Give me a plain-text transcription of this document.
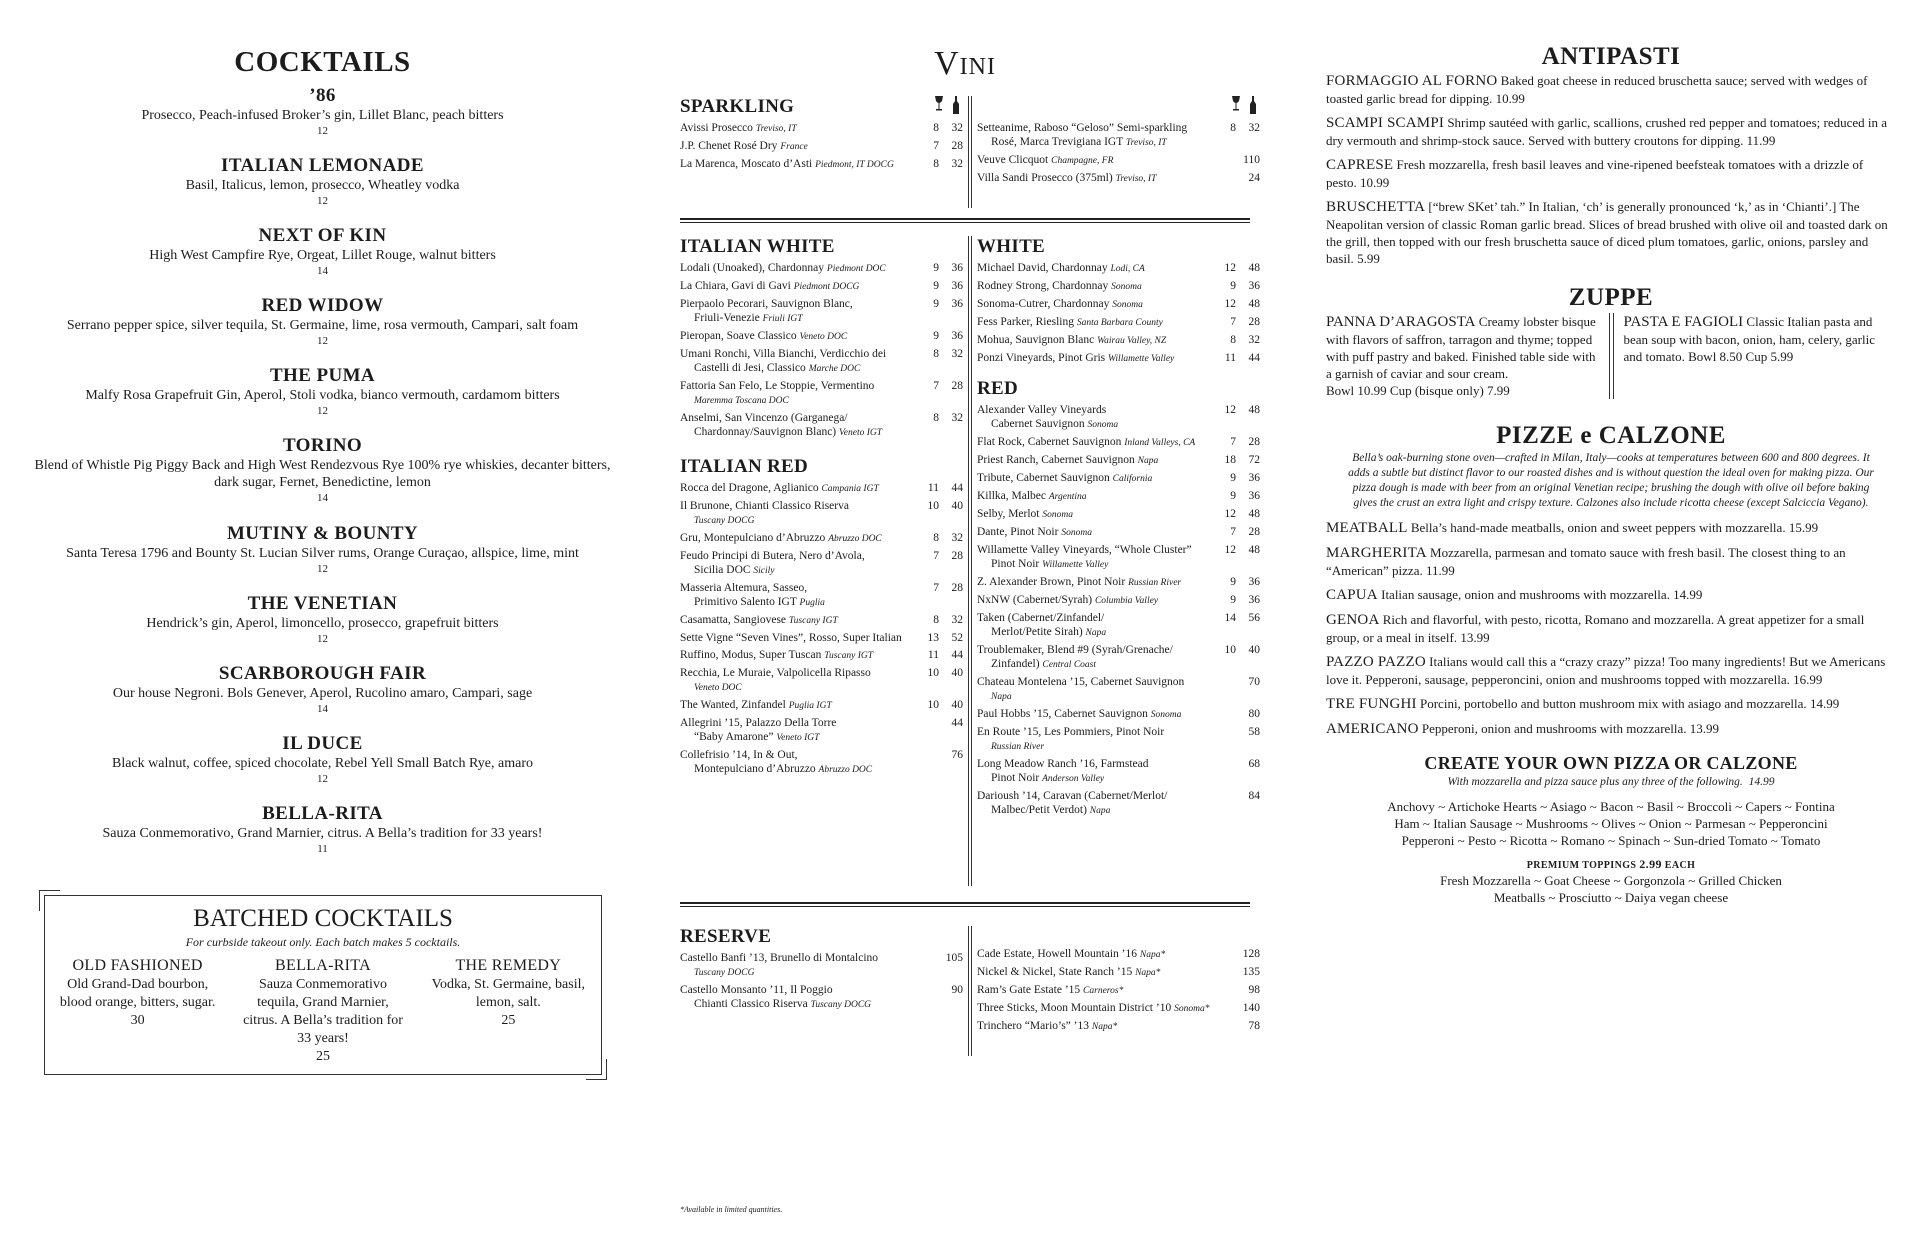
COCKTAILS
’86
Prosecco, Peach-infused Broker’s gin, Lillet Blanc, peach bitters
12
ITALIAN LEMONADE
Basil, Italicus, lemon, prosecco, Wheatley vodka
12
NEXT OF KIN
High West Campfire Rye, Orgeat, Lillet Rouge, walnut bitters
14
RED WIDOW
Serrano pepper spice, silver tequila, St. Germaine, lime, rosa vermouth, Campari, salt foam
12
THE PUMA
Malfy Rosa Grapefruit Gin, Aperol, Stoli vodka, bianco vermouth, cardamom bitters
12
TORINO
Blend of Whistle Pig Piggy Back and High West Rendezvous Rye 100% rye whiskies, decanter bitters, dark sugar, Fernet, Benedictine, lemon
14
MUTINY & BOUNTY
Santa Teresa 1796 and Bounty St. Lucian Silver rums, Orange Curaçao, allspice, lime, mint
12
THE VENETIAN
Hendrick’s gin, Aperol, limoncello, prosecco, grapefruit bitters
12
SCARBOROUGH FAIR
Our house Negroni. Bols Genever, Aperol, Rucolino amaro, Campari, sage
14
IL DUCE
Black walnut, coffee, spiced chocolate, Rebel Yell Small Batch Rye, amaro
12
BELLA-RITA
Sauza Conmemorativo, Grand Marnier, citrus. A Bella’s tradition for 33 years!
11
BATCHED COCKTAILS
For curbside takeout only. Each batch makes 5 cocktails.
OLD FASHIONED
Old Grand-Dad bourbon, blood orange, bitters, sugar.
30
BELLA-RITA
Sauza Conmemorativo tequila, Grand Marnier, citrus. A Bella’s tradition for 33 years!
25
THE REMEDY
Vodka, St. Germaine, basil, lemon, salt.
25
Vini
SPARKLING
Avissi Prosecco Treviso, IT	8	32
J.P. Chenet Rosé Dry France	7	28
La Marenca, Moscato d’Asti Piedmont, IT DOCG	8	32
Setteanime, Raboso “Geloso” Semi-sparkling
Rosé, Marca Trevigiana IGT Treviso, IT
8	32
Veuve Clicquot Champagne, FR	110
Villa Sandi Prosecco (375ml) Treviso, IT	24
ITALIAN WHITE
Lodali (Unoaked), Chardonnay Piedmont DOC	9	36
La Chiara, Gavi di Gavi Piedmont DOCG	9	36
Pierpaolo Pecorari, Sauvignon Blanc,
Friuli-Venezie Friuli IGT
9	36
Pieropan, Soave Classico Veneto DOC	9	36
Umani Ronchi, Villa Bianchi, Verdicchio dei
Castelli di Jesi, Classico Marche DOC
8	32
Fattoria San Felo, Le Stoppie, Vermentino
Maremma Toscana DOC
7	28
Anselmi, San Vincenzo (Garganega/
Chardonnay/Sauvignon Blanc) Veneto IGT
8	32
ITALIAN RED
Rocca del Dragone, Aglianico Campania IGT	11	44
Il Brunone, Chianti Classico Riserva
Tuscany DOCG
10	40
Gru, Montepulciano d’Abruzzo Abruzzo DOC	8	32
Feudo Principi di Butera, Nero d’Avola,
Sicilia DOC Sicily
7	28
Masseria Altemura, Sasseo,
Primitivo Salento IGT Puglia
7	28
Casamatta, Sangiovese Tuscany IGT	8	32
Sette Vigne “Seven Vines”, Rosso, Super Italian	13	52
Ruffino, Modus, Super Tuscan Tuscany IGT	11	44
Recchia, Le Muraie, Valpolicella Ripasso
Veneto DOC
10	40
The Wanted, Zinfandel Puglia IGT	10	40
Allegrini ’15, Palazzo Della Torre
“Baby Amarone” Veneto IGT
44
Collefrisio ’14, In & Out,
Montepulciano d’Abruzzo Abruzzo DOC
76
WHITE
Michael David, Chardonnay Lodi, CA	12	48
Rodney Strong, Chardonnay Sonoma	9	36
Sonoma-Cutrer, Chardonnay Sonoma	12	48
Fess Parker, Riesling Santa Barbara County	7	28
Mohua, Sauvignon Blanc Wairau Valley, NZ	8	32
Ponzi Vineyards, Pinot Gris Willamette Valley	11	44
RED
Alexander Valley Vineyards
Cabernet Sauvignon Sonoma
12	48
Flat Rock, Cabernet Sauvignon Inland Valleys, CA	7	28
Priest Ranch, Cabernet Sauvignon Napa	18	72
Tribute, Cabernet Sauvignon California	9	36
Killka, Malbec Argentina	9	36
Selby, Merlot Sonoma	12	48
Dante, Pinot Noir Sonoma	7	28
Willamette Valley Vineyards, “Whole Cluster”
Pinot Noir Willamette Valley
12	48
Z. Alexander Brown, Pinot Noir Russian River	9	36
NxNW (Cabernet/Syrah) Columbia Valley	9	36
Taken (Cabernet/Zinfandel/
Merlot/Petite Sirah) Napa
14	56
Troublemaker, Blend #9 (Syrah/Grenache/
Zinfandel) Central Coast
10	40
Chateau Montelena ’15, Cabernet Sauvignon
Napa
70
Paul Hobbs ’15, Cabernet Sauvignon Sonoma	80
En Route ’15, Les Pommiers, Pinot Noir
Russian River
58
Long Meadow Ranch ’16, Farmstead
Pinot Noir Anderson Valley
68
Darioush ’14, Caravan (Cabernet/Merlot/
Malbec/Petit Verdot) Napa
84
RESERVE
Castello Banfi ’13, Brunello di Montalcino
Tuscany DOCG
105
Castello Monsanto ’11, Il Poggio
Chianti Classico Riserva Tuscany DOCG
90
Cade Estate, Howell Mountain ’16 Napa*	128
Nickel & Nickel, State Ranch ’15 Napa*	135
Ram’s Gate Estate ’15 Carneros*	98
Three Sticks, Moon Mountain District ’10 Sonoma*	140
Trinchero “Mario’s” ’13 Napa*	78
*Available in limited quantities.
ANTIPASTI
FORMAGGIO AL FORNO Baked goat cheese in reduced bruschetta sauce; served with wedges of toasted garlic bread for dipping. 10.99
SCAMPI SCAMPI Shrimp sautéed with garlic, scallions, crushed red pepper and tomatoes; reduced in a dry vermouth and shrimp-stock sauce. Served with buttery croutons for dipping. 11.99
CAPRESE Fresh mozzarella, fresh basil leaves and vine-ripened beefsteak tomatoes with a drizzle of pesto. 10.99
BRUSCHETTA [“brew SKet’ tah.” In Italian, ‘ch’ is generally pronounced ‘k,’ as in ‘Chianti’.] The Neapolitan version of classic Roman garlic bread. Slices of bread brushed with olive oil and toasted dark on the grill, then topped with our fresh bruschetta sauce of diced plum tomatoes, garlic, onions, parsley and basil. 5.99
ZUPPE
PANNA D’ARAGOSTA Creamy lobster bisque with flavors of saffron, tarragon and thyme; topped with puff pastry and baked. Finished table side with a garnish of caviar and sour cream.
Bowl 10.99 Cup (bisque only) 7.99
PASTA E FAGIOLI Classic Italian pasta and bean soup with bacon, onion, ham, celery, garlic and tomato. Bowl 8.50 Cup 5.99
PIZZE e CALZONE
Bella’s oak-burning stone oven—crafted in Milan, Italy—cooks at temperatures between 600 and 800 degrees. It adds a subtle but distinct flavor to our roasted dishes and is without question the ideal oven for making pizza. Our pizza dough is made with beer from an original Venetian recipe; brushing the dough with olive oil before baking gives the crust an extra light and crispy texture. Calzones also include ricotta cheese (except Salciccia Vegano).
MEATBALL Bella’s hand-made meatballs, onion and sweet peppers with mozzarella. 15.99
MARGHERITA Mozzarella, parmesan and tomato sauce with fresh basil. The closest thing to an “American” pizza. 11.99
CAPUA Italian sausage, onion and mushrooms with mozzarella. 14.99
GENOA Rich and flavorful, with pesto, ricotta, Romano and mozzarella. A great appetizer for a small group, or a meal in itself. 13.99
PAZZO PAZZO Italians would call this a “crazy crazy” pizza! Too many ingredients! But we Americans love it. Pepperoni, sausage, pepperoncini, onion and mushrooms topped with mozzarella. 16.99
TRE FUNGHI Porcini, portobello and button mushroom mix with asiago and mozzarella. 14.99
AMERICANO Pepperoni, onion and mushrooms with mozzarella. 13.99
CREATE YOUR OWN PIZZA OR CALZONE
With mozzarella and pizza sauce plus any three of the following. 14.99
Anchovy ~ Artichoke Hearts ~ Asiago ~ Bacon ~ Basil ~ Broccoli ~ Capers ~ Fontina
Ham ~ Italian Sausage ~ Mushrooms ~ Olives ~ Onion ~ Parmesan ~ Pepperoncini
Pepperoni ~ Pesto ~ Ricotta ~ Romano ~ Spinach ~ Sun-dried Tomato ~ Tomato
PREMIUM TOPPINGS 2.99 EACH
Fresh Mozzarella ~ Goat Cheese ~ Gorgonzola ~ Grilled Chicken
Meatballs ~ Prosciutto ~ Daiya vegan cheese
